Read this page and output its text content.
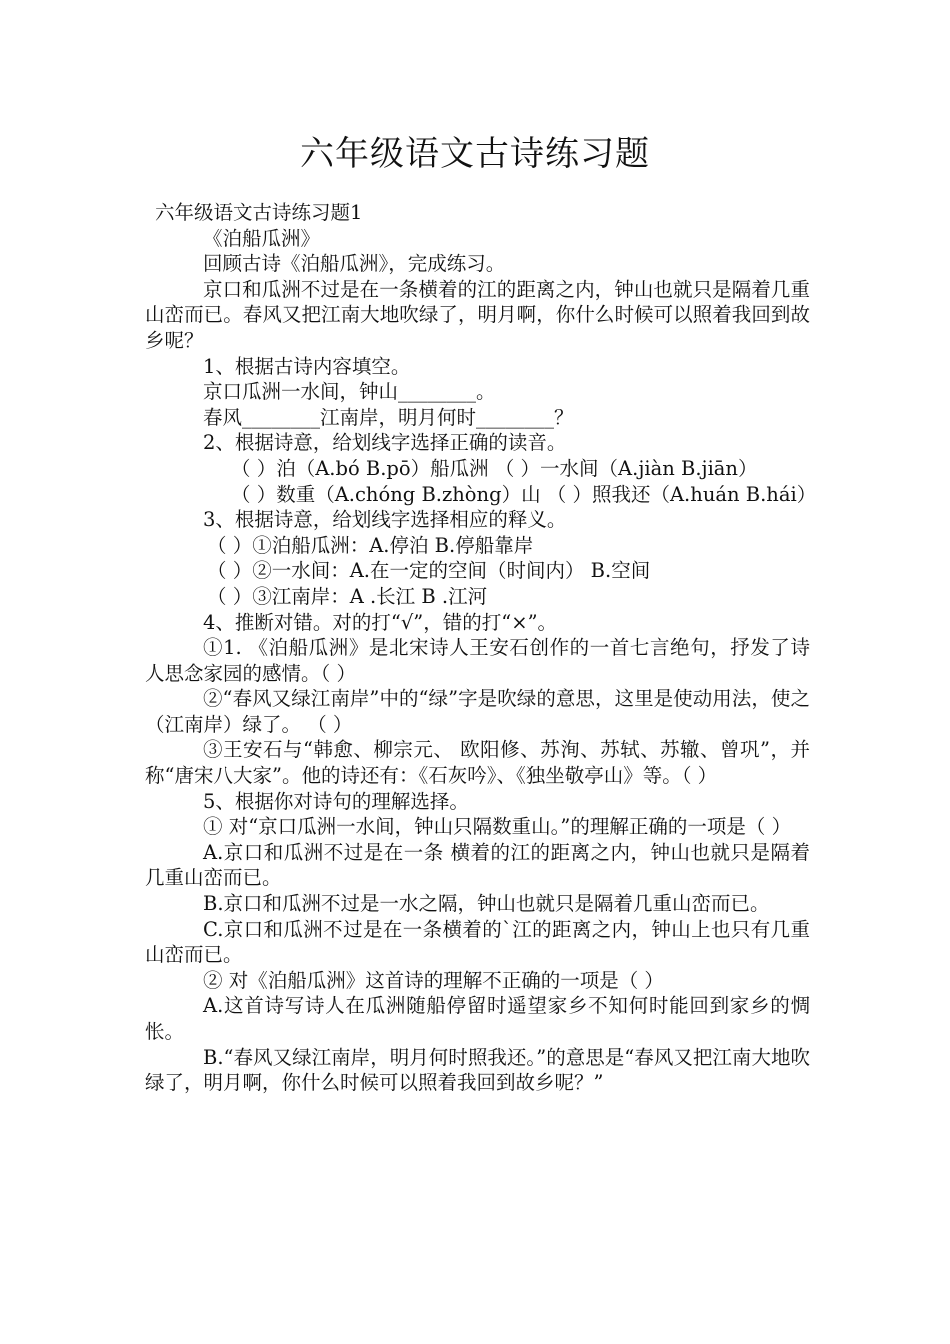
六年级语文古诗练习题

六年级语文古诗练习题1

《泊船瓜洲》

回顾古诗《泊船瓜洲》，完成练习。

京口和瓜洲不过是在一条横着的江的距离之内，钟山也就只是隔着几重山峦而已。春风又把江南大地吹绿了，明月啊，你什么时候可以照着我回到故乡呢？

1、根据古诗内容填空。

京口瓜洲一水间，钟山________。

春风________江南岸，明月何时________？

2、根据诗意，给划线字选择正确的读音。

（ ）泊（A.bó B.pō）船瓜洲 （ ）一水间（A.jiàn B.jiān）

（ ）数重（A.chóng B.zhòng）山 （ ）照我还（A.huán B.hái）

3、根据诗意，给划线字选择相应的释义。

（ ）①泊船瓜洲：A.停泊 B.停船靠岸

（ ）②一水间：A.在一定的空间（时间内） B.空间

（ ）③江南岸：A .长江 B .江河

4、推断对错。对的打“√”，错的打“×”。

①1. 《泊船瓜洲》是北宋诗人王安石创作的一首七言绝句，抒发了诗人思念家园的感情。（ ）

②“春风又绿江南岸”中的“绿”字是吹绿的意思，这里是使动用法，使之（江南岸）绿了。 （ ）

③王安石与“韩愈、柳宗元、 欧阳修、苏洵、苏轼、苏辙、曾巩”，并称“唐宋八大家”。他的诗还有：《石灰吟》、《独坐敬亭山》等。（ ）

5、根据你对诗句的理解选择。

① 对“京口瓜洲一水间，钟山只隔数重山。”的理解正确的一项是（ ）

A.京口和瓜洲不过是在一条 横着的江的距离之内，钟山也就只是隔着几重山峦而已。

B.京口和瓜洲不过是一水之隔，钟山也就只是隔着几重山峦而已。

C.京口和瓜洲不过是在一条横着的`江的距离之内，钟山上也只有几重山峦而已。

② 对《泊船瓜洲》这首诗的理解不正确的一项是（ ）

A.这首诗写诗人在瓜洲随船停留时遥望家乡不知何时能回到家乡的惆怅。

B.“春风又绿江南岸，明月何时照我还。”的意思是“春风又把江南大地吹绿了，明月啊，你什么时候可以照着我回到故乡呢？”
